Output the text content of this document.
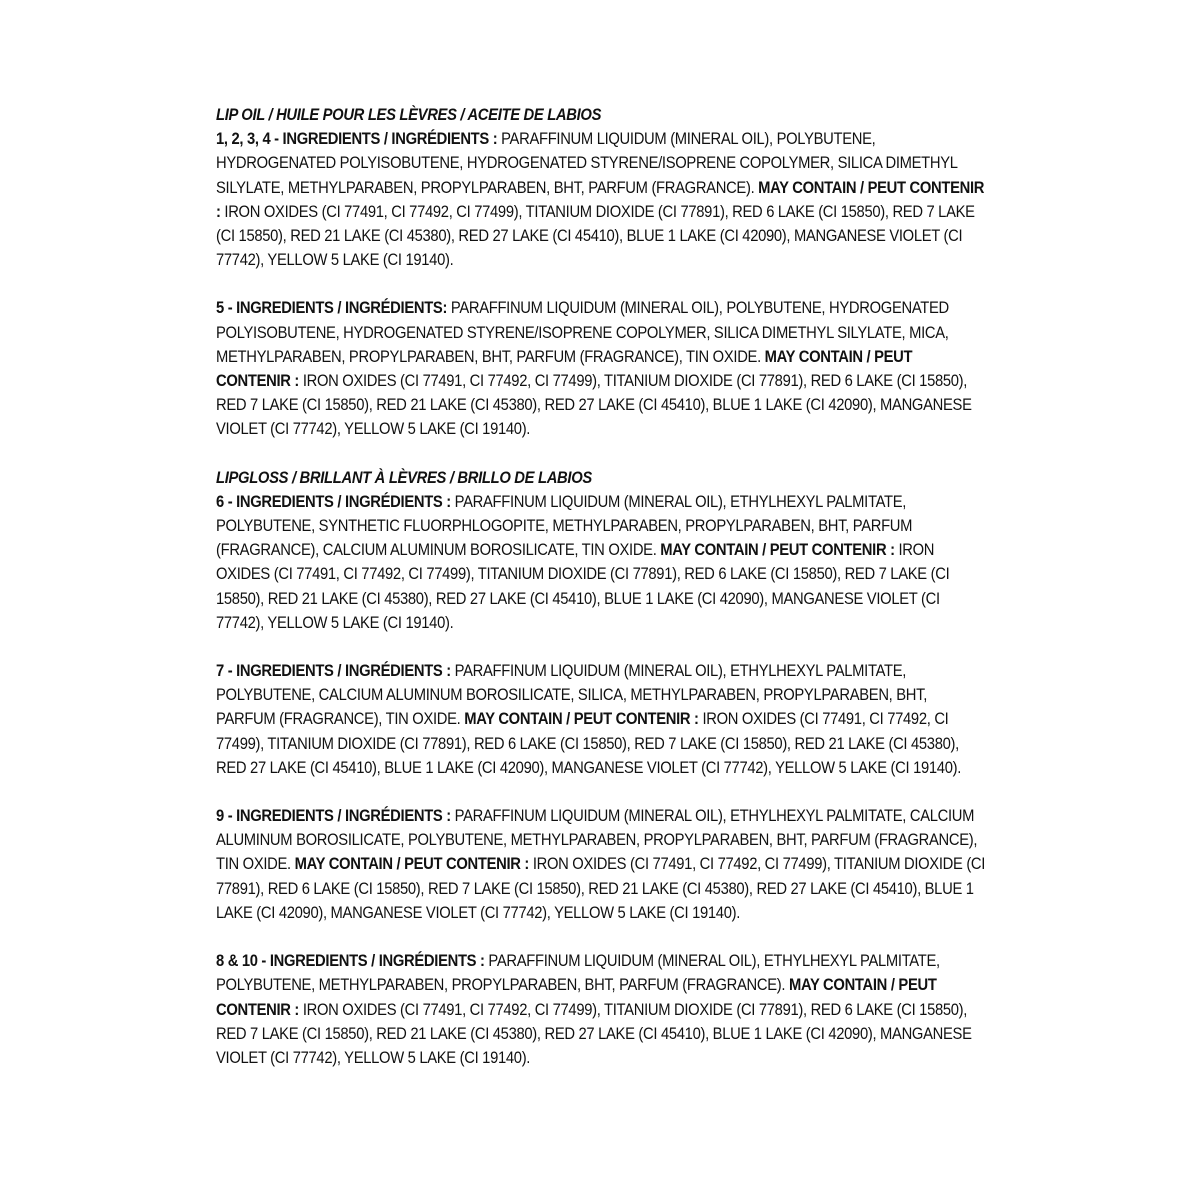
LIP OIL / HUILE POUR LES LÈVRES / ACEITE DE LABIOS

1, 2, 3, 4 - INGREDIENTS / INGRÉDIENTS : PARAFFINUM LIQUIDUM (MINERAL OIL), POLYBUTENE, HYDROGENATED POLYISOBUTENE, HYDROGENATED STYRENE/ISOPRENE COPOLYMER, SILICA DIMETHYL SILYLATE, METHYLPARABEN, PROPYLPARABEN, BHT, PARFUM (FRAGRANCE). MAY CONTAIN / PEUT CONTENIR : IRON OXIDES (CI 77491, CI 77492, CI 77499), TITANIUM DIOXIDE (CI 77891), RED 6 LAKE (CI 15850), RED 7 LAKE (CI 15850), RED 21 LAKE (CI 45380), RED 27 LAKE (CI 45410), BLUE 1 LAKE (CI 42090), MANGANESE VIOLET (CI 77742), YELLOW 5 LAKE (CI 19140).

5 - INGREDIENTS / INGRÉDIENTS: PARAFFINUM LIQUIDUM (MINERAL OIL), POLYBUTENE, HYDROGENATED POLYISOBUTENE, HYDROGENATED STYRENE/ISOPRENE COPOLYMER, SILICA DIMETHYL SILYLATE, MICA, METHYLPARABEN, PROPYLPARABEN, BHT, PARFUM (FRAGRANCE), TIN OXIDE. MAY CONTAIN / PEUT CONTENIR : IRON OXIDES (CI 77491, CI 77492, CI 77499), TITANIUM DIOXIDE (CI 77891), RED 6 LAKE (CI 15850), RED 7 LAKE (CI 15850), RED 21 LAKE (CI 45380), RED 27 LAKE (CI 45410), BLUE 1 LAKE (CI 42090), MANGANESE VIOLET (CI 77742), YELLOW 5 LAKE (CI 19140).

LIPGLOSS / BRILLANT À LÈVRES / BRILLO DE LABIOS

6 - INGREDIENTS / INGRÉDIENTS : PARAFFINUM LIQUIDUM (MINERAL OIL), ETHYLHEXYL PALMITATE, POLYBUTENE, SYNTHETIC FLUORPHLOGOPITE, METHYLPARABEN, PROPYLPARABEN, BHT, PARFUM (FRAGRANCE), CALCIUM ALUMINUM BOROSILICATE, TIN OXIDE. MAY CONTAIN / PEUT CONTENIR : IRON OXIDES (CI 77491, CI 77492, CI 77499), TITANIUM DIOXIDE (CI 77891), RED 6 LAKE (CI 15850), RED 7 LAKE (CI 15850), RED 21 LAKE (CI 45380), RED 27 LAKE (CI 45410), BLUE 1 LAKE (CI 42090), MANGANESE VIOLET (CI 77742), YELLOW 5 LAKE (CI 19140).

7 - INGREDIENTS / INGRÉDIENTS : PARAFFINUM LIQUIDUM (MINERAL OIL), ETHYLHEXYL PALMITATE, POLYBUTENE, CALCIUM ALUMINUM BOROSILICATE, SILICA, METHYLPARABEN, PROPYLPARABEN, BHT, PARFUM (FRAGRANCE), TIN OXIDE. MAY CONTAIN / PEUT CONTENIR : IRON OXIDES (CI 77491, CI 77492, CI 77499), TITANIUM DIOXIDE (CI 77891), RED 6 LAKE (CI 15850), RED 7 LAKE (CI 15850), RED 21 LAKE (CI 45380), RED 27 LAKE (CI 45410), BLUE 1 LAKE (CI 42090), MANGANESE VIOLET (CI 77742), YELLOW 5 LAKE (CI 19140).

9 - INGREDIENTS / INGRÉDIENTS : PARAFFINUM LIQUIDUM (MINERAL OIL), ETHYLHEXYL PALMITATE, CALCIUM ALUMINUM BOROSILICATE, POLYBUTENE, METHYLPARABEN, PROPYLPARABEN, BHT, PARFUM (FRAGRANCE), TIN OXIDE. MAY CONTAIN / PEUT CONTENIR : IRON OXIDES (CI 77491, CI 77492, CI 77499), TITANIUM DIOXIDE (CI 77891), RED 6 LAKE (CI 15850), RED 7 LAKE (CI 15850), RED 21 LAKE (CI 45380), RED 27 LAKE (CI 45410), BLUE 1 LAKE (CI 42090), MANGANESE VIOLET (CI 77742), YELLOW 5 LAKE (CI 19140).

8 & 10 - INGREDIENTS / INGRÉDIENTS : PARAFFINUM LIQUIDUM (MINERAL OIL), ETHYLHEXYL PALMITATE, POLYBUTENE, METHYLPARABEN, PROPYLPARABEN, BHT, PARFUM (FRAGRANCE). MAY CONTAIN / PEUT CONTENIR : IRON OXIDES (CI 77491, CI 77492, CI 77499), TITANIUM DIOXIDE (CI 77891), RED 6 LAKE (CI 15850), RED 7 LAKE (CI 15850), RED 21 LAKE (CI 45380), RED 27 LAKE (CI 45410), BLUE 1 LAKE (CI 42090), MANGANESE VIOLET (CI 77742), YELLOW 5 LAKE (CI 19140).
